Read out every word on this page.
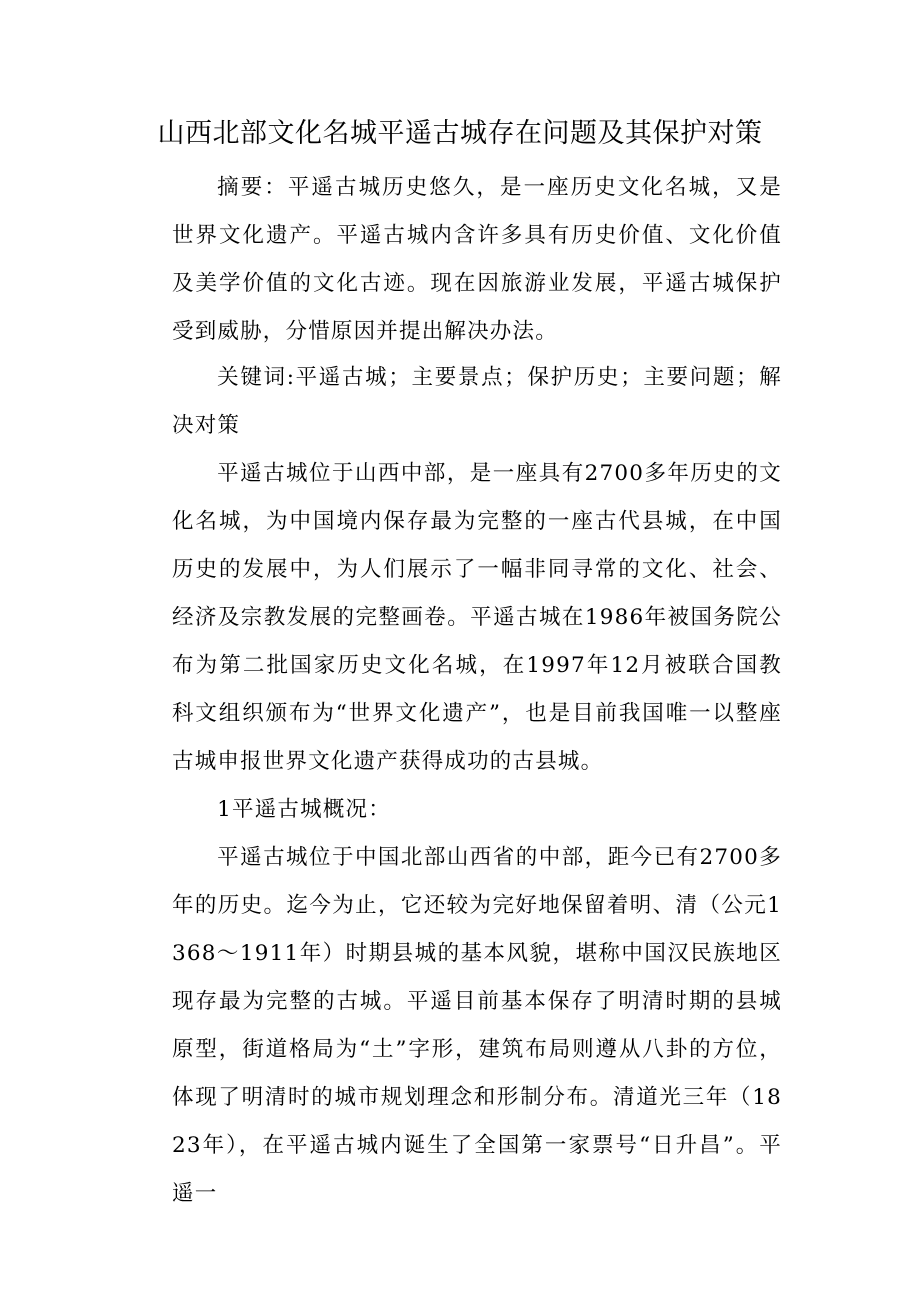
山西北部文化名城平遥古城存在问题及其保护对策

摘要：平遥古城历史悠久，是一座历史文化名城，又是世界文化遗产。平遥古城内含许多具有历史价值、文化价值及美学价值的文化古迹。现在因旅游业发展，平遥古城保护受到威胁，分惜原因并提出解决办法。

关键词:平遥古城；主要景点；保护历史；主要问题；解决对策

平遥古城位于山西中部，是一座具有2700多年历史的文化名城，为中国境内保存最为完整的一座古代县城，在中国历史的发展中，为人们展示了一幅非同寻常的文化、社会、经济及宗教发展的完整画卷。平遥古城在1986年被国务院公布为第二批国家历史文化名城，在1997年12月被联合国教科文组织颁布为“世界文化遗产”，也是目前我国唯一以整座古城申报世界文化遗产获得成功的古县城。

1平遥古城概况：

平遥古城位于中国北部山西省的中部，距今已有2700多年的历史。迄今为止，它还较为完好地保留着明、清（公元1368～1911年）时期县城的基本风貌，堪称中国汉民族地区现存最为完整的古城。平遥目前基本保存了明清时期的县城原型，街道格局为“土”字形，建筑布局则遵从八卦的方位，体现了明清时的城市规划理念和形制分布。清道光三年（1823年），在平遥古城内诞生了全国第一家票号“日升昌”。平遥一
